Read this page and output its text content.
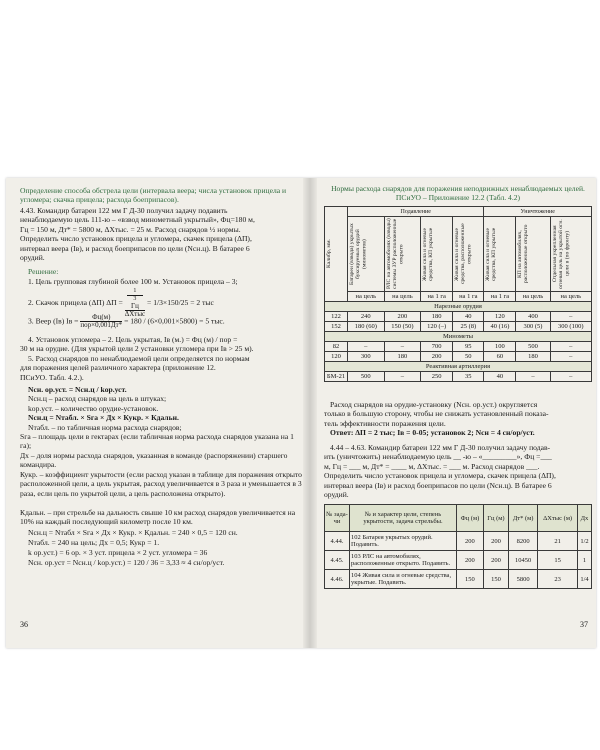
Определение способа обстрела цели (интервала веера; числа установок прицела и угломера; скачка прицела; расхода боеприпасов).

4.43. Командир батареи 122 мм Г Д-30 получил задачу подавить

ненаблюдаемую цель 111-ю – «взвод минометный укрытый», Фц=180 м,

Гц = 150 м, Дт* = 5800 м, ΔXтыс. = 25 м. Расход снарядов ½ нормы.

Определить число установок прицела и угломера, скачек прицела (ΔП),

интервал веера (Iв), и расход боеприпасов по цели (Nсн.ц). В батарее 6

орудий.

Решение:

1. Цель групповая глубиной более 100 м. Установок прицела – 3;

2. Скачок прицела (ΔП) ΔП = 1
3
Гц
ΔXтыс = 1/3×150/25 = 2 тыс
3. Веер (Iв) Iв = $\frac{Фц(м)}{\text{пор×0,001Дт*}} = 180 / (6\times 0,001\times 5800) = 5$ тыс.

4. Установок угломера – 2. Цель укрытая, Iв (м.) = Фц (м) / пор =

30 м на орудие. (Для укрытой цели 2 установки угломера при Iв > 25 м).

5. Расход снарядов по ненаблюдаемой цели определяется по нормам

для поражения целей различного характера (приложение 12.

ПСиУО. Табл. 4.2.).

Nсн. ор.уст. = Nсн.ц / kор.уст.

Nсн.ц – расход снарядов на цель в штуках;

kор.уст. – количество орудие-установок.

Nсн.ц = Nтабл. × Sга × Дх × Кукр. × Кдальн.

Nтабл. – по табличная норма расхода снарядов;

Sга – площадь цели в гектарах (если табличная норма расхода снарядов указана на 1 га);

Дх – доля нормы расхода снарядов, указанная в команде (распоряжении) старшего командира.

Кукр. – коэффициент укрытости (если расход указан в таблице для поражения открыто расположенной цели, а цель укрытая, расход увеличивается в 3 раза и уменьшается в 3 раза, если цель по укрытой цели, а цель расположена открыто).

Кдальн. – при стрельбе на дальность свыше 10 км расход снарядов увеличивается на 10% на каждый последующий километр после 10 км.

Nсн.ц = Nтабл × Sга × Дх × Кукр. × Кдальн. = 240 × 0,5 = 120 сн.

Nтабл. = 240 на цель; Дх = 0,5; Кукр = 1.

k ор.уст.) = 6 ор. × 3 уст. прицела × 2 уст. угломера = 36

Nсн. ор.уст = Nсн.ц / kор.уст.) = 120 / 36 = 3,33 ≈ 4 сн/ор/уст.

36

Нормы расхода снарядов для поражения неподвижных ненаблюдаемых целей. ПСиУО – Приложение 12.2 (Табл. 4.2)

Калибр, мм.	Подавление				Уничтожение		

	Батареи (взвода) укрытых буксируемых орудий (минометов)	РЛС на автомобилях (взводы) системы 3УР расположенные открыто	Живая сила и огневые средства, КП укрытые	Живая сила и огневые средства, расположенные открыто	Живая сила и огневые средства, КП укрытые	КП на автомобилях, расположенные открыто	Отдельная укрепленная огневая цель на укрытой огн. цели в (по фронту)

	на цель	на цель	на 1 га	на 1 га	на 1 га	на цель	на цель
Нарезные орудия							
122	240	200	180	40	120	400	–
152	180 (60)	150 (50)	120 (–)	25 (8)	40 (16)	300 (5)	300 (100)
Минометы							
82	–	–	700	95	100	500	–
120	300	180	200	50	60	180	–
Реактивная артиллерия							
БМ-21	500	–	250	35	40	–	–

Расход снарядов на орудие-установку (Nсн. ор.уст.) округляется

только в большую сторону, чтобы не снижать установленный показа-

тель эффективности поражения цели.

Ответ: ΔП = 2 тыс; Iв = 0-05; установок 2; Nсн = 4 сн/ор/уст.

4.44 – 4.63. Командир батареи 122 мм Г Д-30 получил задачу подав-

ить (уничтожить) ненаблюдаемую цель __ -ю – «_________», Фц =___

м, Гц = ___ м, Дт* = ____ м, ΔXтыс. = ___ м. Расход снарядов ___.

Определить число установок прицела и угломера, скачек прицела (ΔП),

интервал веера (Iв) и расход боеприпасов по цели (Nсн.ц). В батарее 6

орудий.

№ зада-чи	№ и характер цели, степень укрытости, задача стрельбы.	Фц (м)	Гц (м)	Дт* (м)	ΔXтыс (м)	Дх
4.44.	102 Батарея укрытых орудий. Подавить.	200	200	8200	21	1/2
4.45.	103 РЛС на автомобилях, расположенные открыто. Подавить.	200	200	10450	15	1
4.46.	104 Живая сила и огневые средства, укрытые. Подавить.	150	150	5800	23	1/4
37
